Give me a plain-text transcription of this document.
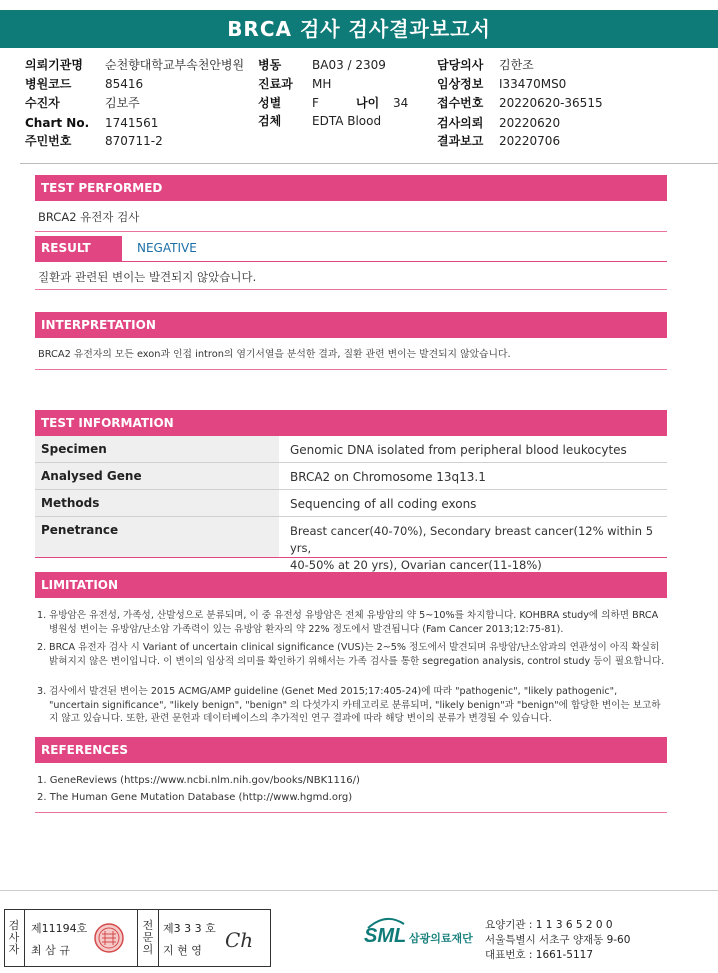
BRCA 검사 검사결과보고서
의뢰기관명 순천향대학교부속천안병원
병원코드	85416
수진자	김보주
Chart No. 1741561
주민번호	870711-2
병동	BA03 / 2309
진료과 MH
성별	F	나이 34
검체	EDTA Blood
담당의사 김한조
임상정보 I33470MS0
접수번호 20220620-36515
검사의뢰 20220620
결과보고 20220706
TEST PERFORMED
BRCA2 유전자 검사
RESULT	NEGATIVE
질환과 관련된 변이는 발견되지 않았습니다.
INTERPRETATION
BRCA2 유전자의 모든 exon과 인접 intron의 염기서열을 분석한 결과, 질환 관련 변이는 발견되지 않았습니다.
TEST INFORMATION
Specimen	Genomic DNA isolated from peripheral blood leukocytes
Analysed Gene	BRCA2 on Chromosome 13q13.1
Methods	Sequencing of all coding exons
Penetrance	Breast cancer(40-70%), Secondary breast cancer(12% within 5 yrs,
40-50% at 20 yrs), Ovarian cancer(11-18%)
LIMITATION
1. 유방암은 유전성, 가족성, 산발성으로 분류되며, 이 중 유전성 유방암은 전체 유방암의 약 5~10%를 차지합니다. KOHBRA study에 의하면 BRCA 병원성 변이는 유방암/난소암 가족력이 있는 유방암 환자의 약 22% 정도에서 발견됩니다 (Fam Cancer 2013;12:75-81).
2. BRCA 유전자 검사 시 Variant of uncertain clinical significance (VUS)는 2~5% 정도에서 발견되며 유방암/난소암과의 연관성이 아직 확실히 밝혀지지 않은 변이입니다. 이 변이의 임상적 의미를 확인하기 위해서는 가족 검사를 통한 segregation analysis, control study 등이 필요합니다.
3. 검사에서 발견된 변이는 2015 ACMG/AMP guideline (Genet Med 2015;17:405-24)에 따라 "pathogenic", "likely pathogenic", "uncertain significance", "likely benign", "benign" 의 다섯가지 카테고리로 분류되며, "likely benign"과 "benign"에 합당한 변이는 보고하지 않고 있습니다. 또한, 관련 문헌과 데이터베이스의 추가적인 연구 결과에 따라 해당 변이의 분류가 변경될 수 있습니다.
REFERENCES
1. GeneReviews (https://www.ncbi.nlm.nih.gov/books/NBK1116/)
2. The Human Gene Mutation Database (http://www.hgmd.org)
검
사
자
제11194호
최 삼 규
전
문
의
제3 3 3 호
지 현 영 Ch	SML 삼광의료재단
요양기관 : 1 1 3 6 5 2 0 0
서울특별시 서초구 양재동 9-60
대표번호 : 1661-5117
